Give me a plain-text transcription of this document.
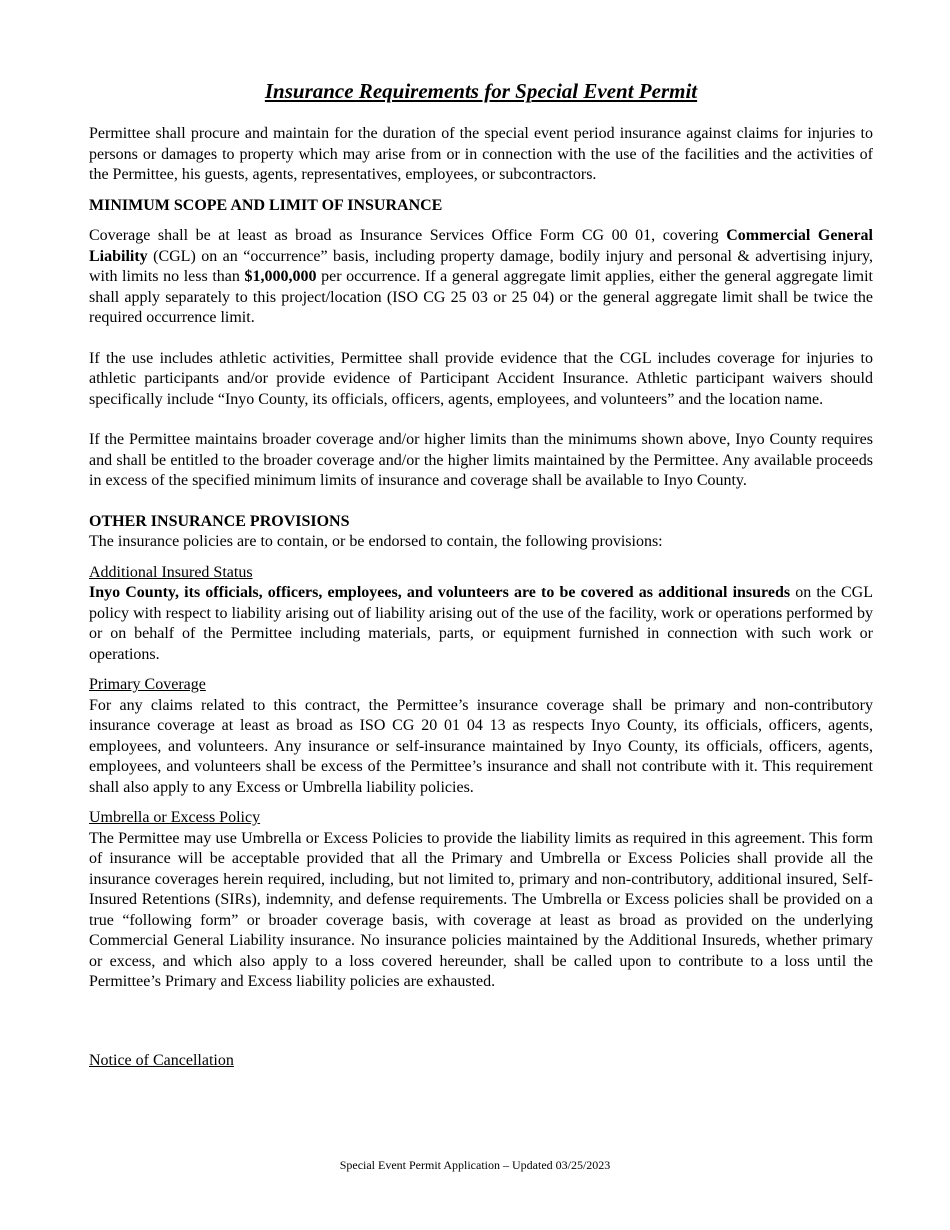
Insurance Requirements for Special Event Permit

Permittee shall procure and maintain for the duration of the special event period insurance against claims for injuries to persons or damages to property which may arise from or in connection with the use of the facilities and the activities of the Permittee, his guests, agents, representatives, employees, or subcontractors.

MINIMUM SCOPE AND LIMIT OF INSURANCE

Coverage shall be at least as broad as Insurance Services Office Form CG 00 01, covering Commercial General Liability (CGL) on an “occurrence” basis, including property damage, bodily injury and personal & advertising injury, with limits no less than $1,000,000 per occurrence. If a general aggregate limit applies, either the general aggregate limit shall apply separately to this project/location (ISO CG 25 03 or 25 04) or the general aggregate limit shall be twice the required occurrence limit.

If the use includes athletic activities, Permittee shall provide evidence that the CGL includes coverage for injuries to athletic participants and/or provide evidence of Participant Accident Insurance. Athletic participant waivers should specifically include “Inyo County, its officials, officers, agents, employees, and volunteers” and the location name.

If the Permittee maintains broader coverage and/or higher limits than the minimums shown above, Inyo County requires and shall be entitled to the broader coverage and/or the higher limits maintained by the Permittee. Any available proceeds in excess of the specified minimum limits of insurance and coverage shall be available to Inyo County.

OTHER INSURANCE PROVISIONS

The insurance policies are to contain, or be endorsed to contain, the following provisions:

Additional Insured Status

Inyo County, its officials, officers, employees, and volunteers are to be covered as additional insureds on the CGL policy with respect to liability arising out of liability arising out of the use of the facility, work or operations performed by or on behalf of the Permittee including materials, parts, or equipment furnished in connection with such work or operations.

Primary Coverage

For any claims related to this contract, the Permittee’s insurance coverage shall be primary and non-contributory insurance coverage at least as broad as ISO CG 20 01 04 13 as respects Inyo County, its officials, officers, agents, employees, and volunteers. Any insurance or self-insurance maintained by Inyo County, its officials, officers, agents, employees, and volunteers shall be excess of the Permittee’s insurance and shall not contribute with it. This requirement shall also apply to any Excess or Umbrella liability policies.

Umbrella or Excess Policy

The Permittee may use Umbrella or Excess Policies to provide the liability limits as required in this agreement. This form of insurance will be acceptable provided that all the Primary and Umbrella or Excess Policies shall provide all the insurance coverages herein required, including, but not limited to, primary and non-contributory, additional insured, Self-Insured Retentions (SIRs), indemnity, and defense requirements. The Umbrella or Excess policies shall be provided on a true “following form” or broader coverage basis, with coverage at least as broad as provided on the underlying Commercial General Liability insurance. No insurance policies maintained by the Additional Insureds, whether primary or excess, and which also apply to a loss covered hereunder, shall be called upon to contribute to a loss until the Permittee’s Primary and Excess liability policies are exhausted.

Notice of Cancellation
Special Event Permit Application – Updated 03/25/2023
